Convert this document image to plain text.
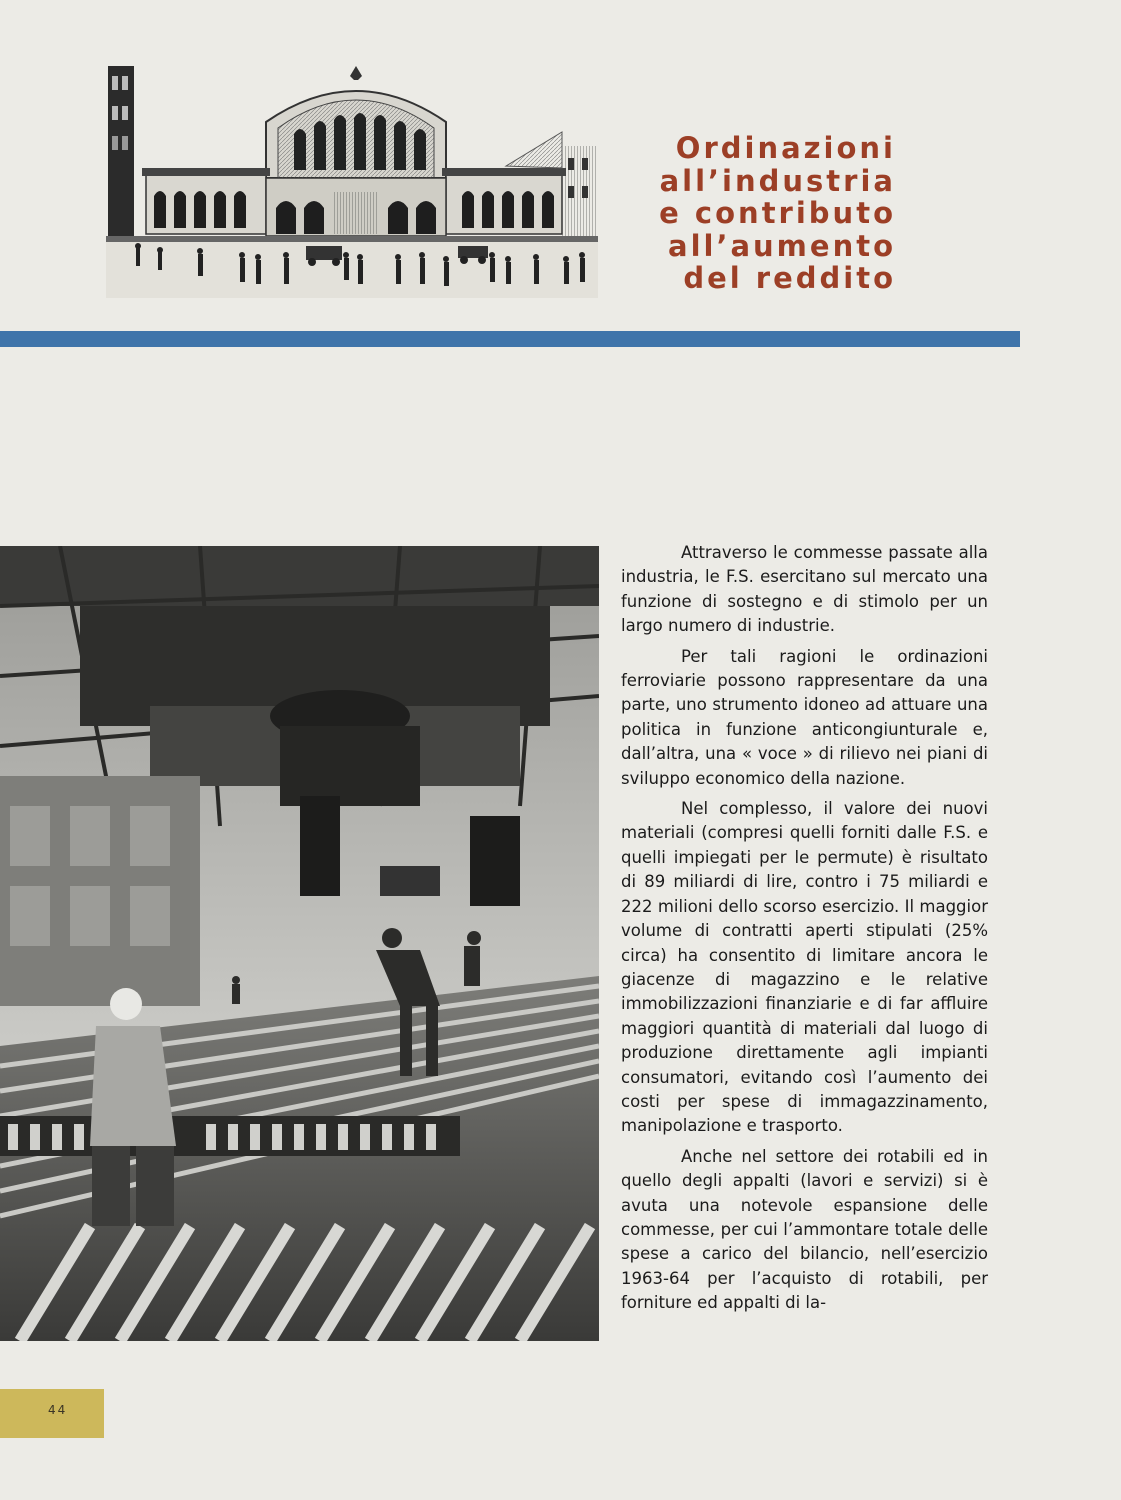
Ordinazioni
all’industria
e contributo
all’aumento
del reddito

Attraverso le commesse passate alla industria, le F.S. esercitano sul mercato una funzione di sostegno e di stimolo per un largo numero di industrie.

Per tali ragioni le ordinazioni ferroviarie possono rappresentare da una parte, uno strumento idoneo ad attuare una politica in funzione anticongiunturale e, dall’altra, una « voce » di rilievo nei piani di sviluppo economico della nazione.

Nel complesso, il valore dei nuovi materiali (compresi quelli forniti dalle F.S. e quelli impiegati per le permute) è risultato di 89 miliardi di lire, contro i 75 miliardi e 222 milioni dello scorso esercizio. Il maggior volume di contratti aperti stipulati (25% circa) ha consentito di limitare ancora le giacenze di magazzino e le relative immobilizzazioni finanziarie e di far affluire maggiori quantità di materiali dal luogo di produzione direttamente agli impianti consumatori, evitando così l’aumento dei costi per spese di immagazzinamento, manipolazione e trasporto.

Anche nel settore dei rotabili ed in quello degli appalti (lavori e servizi) si è avuta una notevole espansione delle commesse, per cui l’ammontare totale delle spese a carico del bilancio, nell’esercizio 1963-64 per l’acquisto di rotabili, per forniture ed appalti di la-

44
